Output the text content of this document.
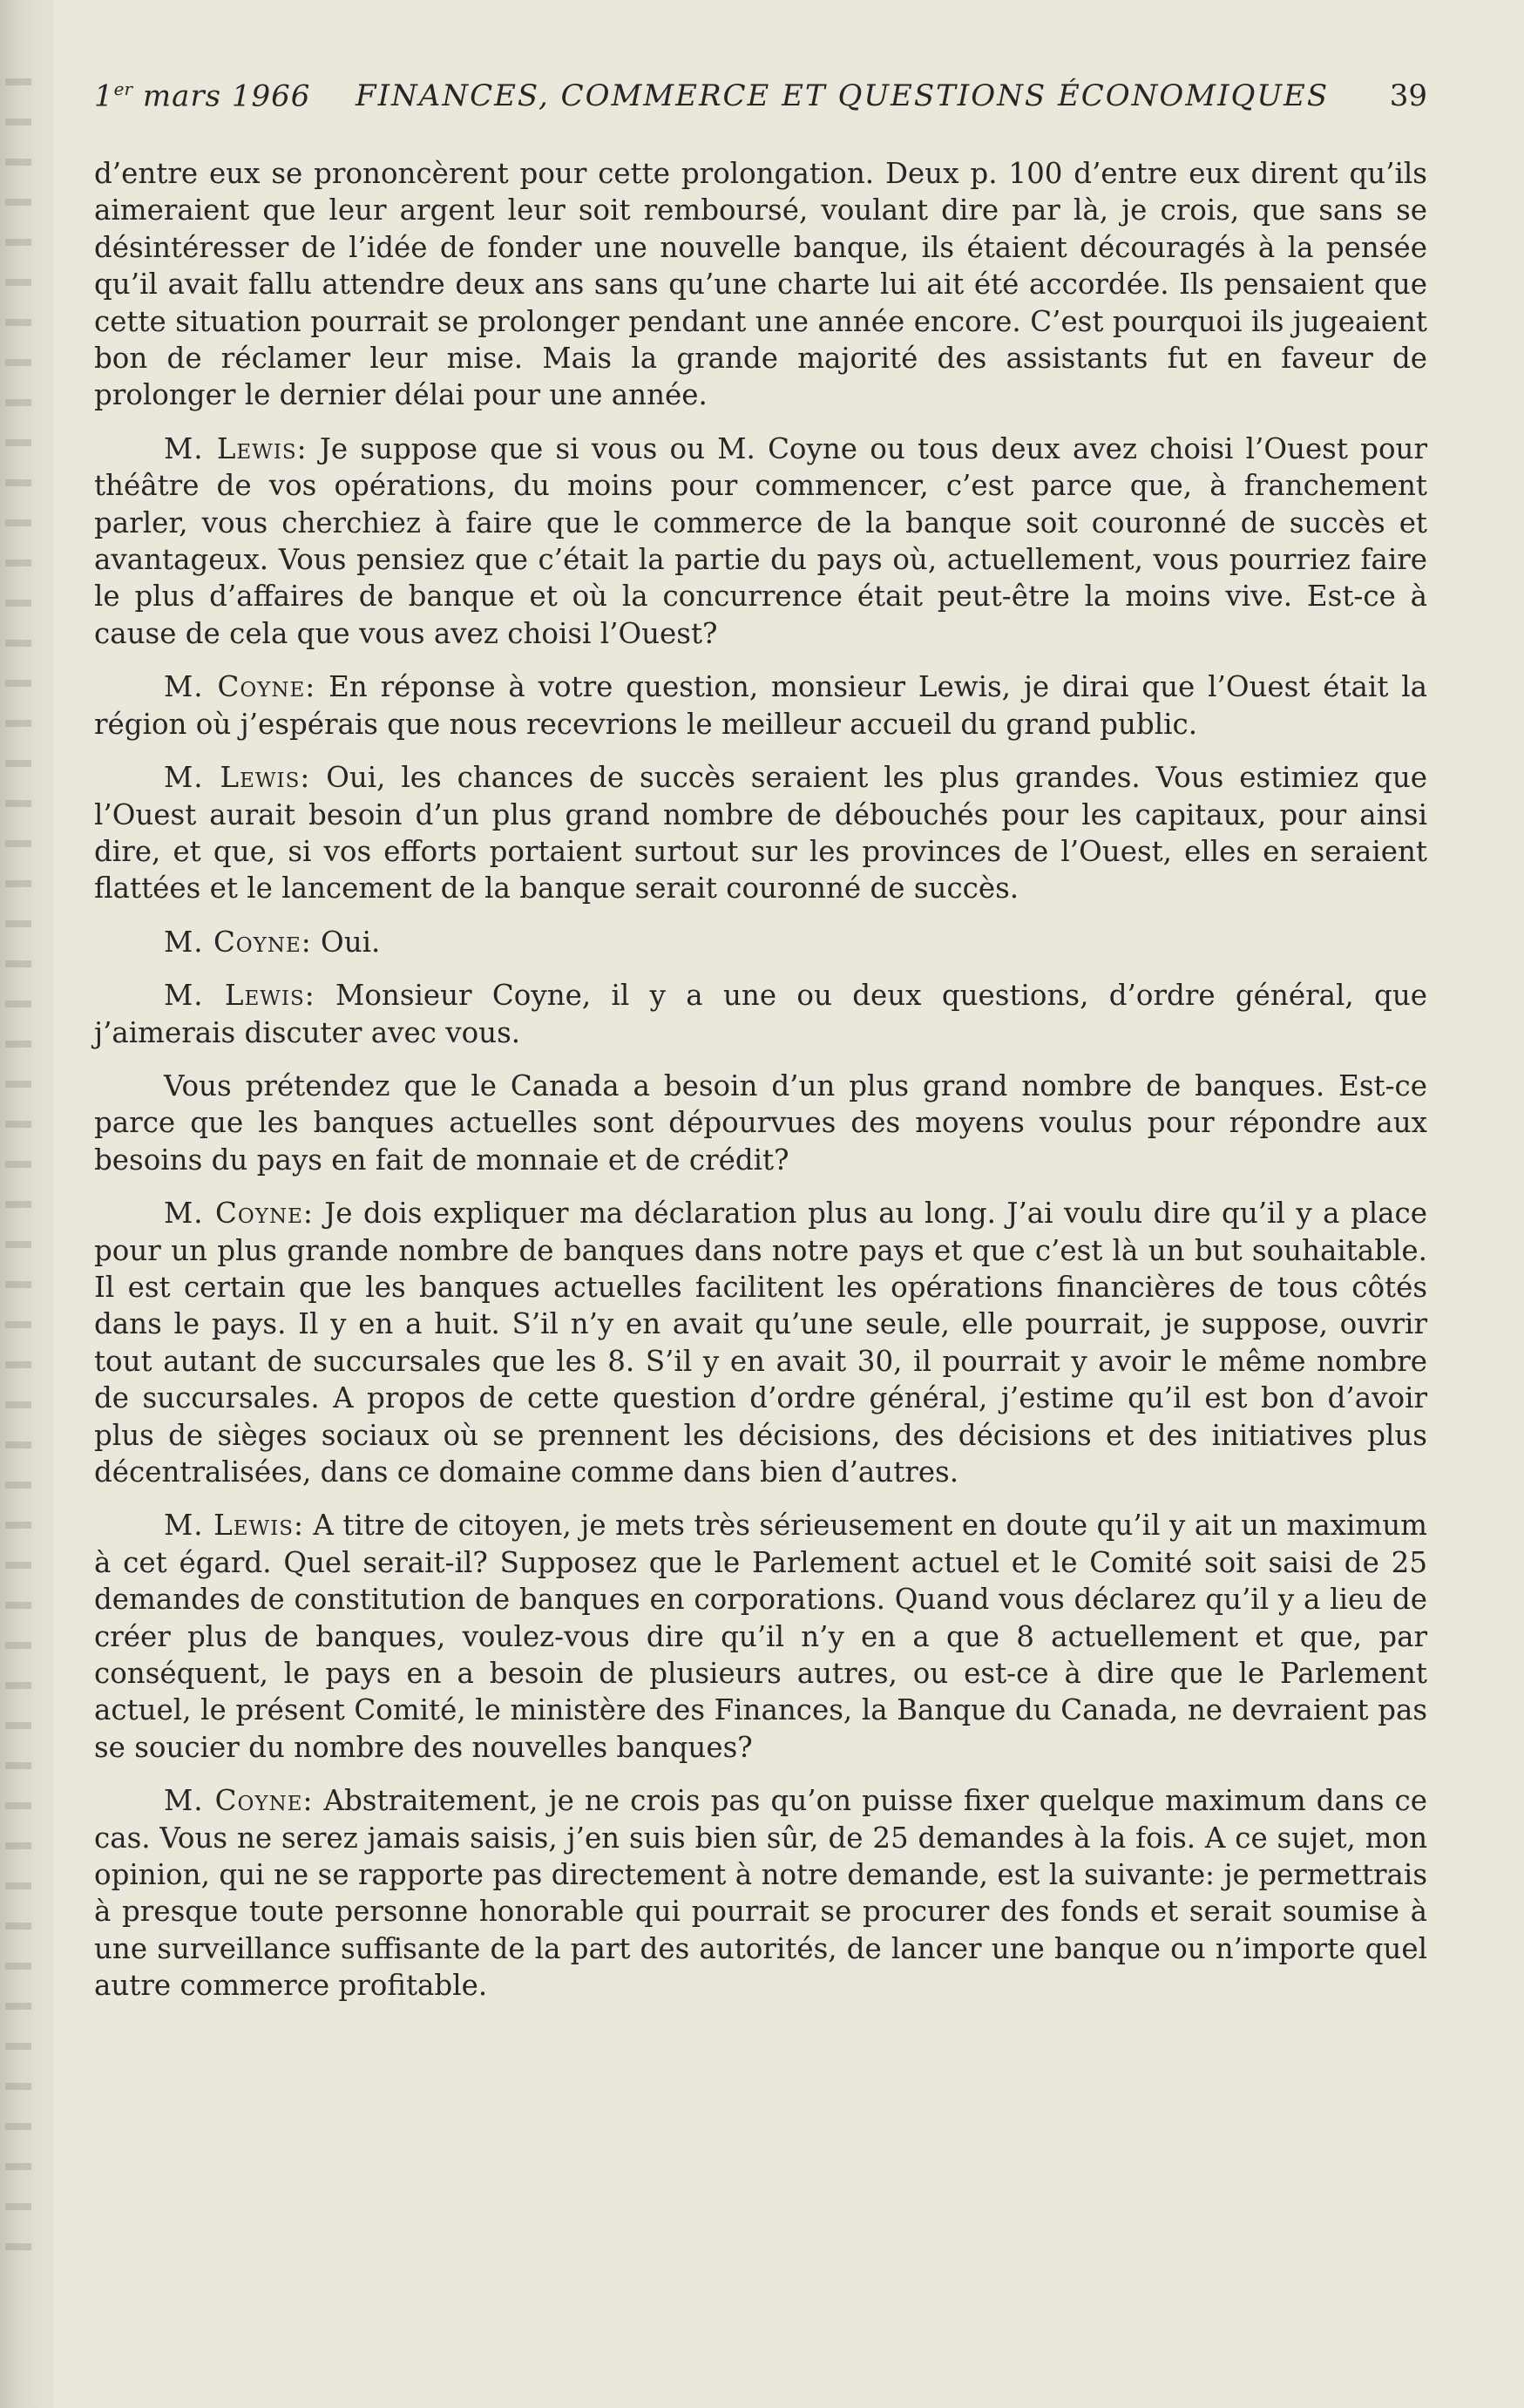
1er mars 1966 FINANCES, COMMERCE ET QUESTIONS ÉCONOMIQUES 39

d’entre eux se prononcèrent pour cette prolongation. Deux p. 100 d’entre eux dirent qu’ils aimeraient que leur argent leur soit remboursé, voulant dire par là, je crois, que sans se désintéresser de l’idée de fonder une nouvelle banque, ils étaient découragés à la pensée qu’il avait fallu attendre deux ans sans qu’une charte lui ait été accordée. Ils pensaient que cette situation pourrait se prolonger pendant une année encore. C’est pourquoi ils jugeaient bon de réclamer leur mise. Mais la grande majorité des assistants fut en faveur de prolonger le dernier délai pour une année.

M. Lewis: Je suppose que si vous ou M. Coyne ou tous deux avez choisi l’Ouest pour théâtre de vos opérations, du moins pour commencer, c’est parce que, à franchement parler, vous cherchiez à faire que le commerce de la banque soit couronné de succès et avantageux. Vous pensiez que c’était la partie du pays où, actuellement, vous pourriez faire le plus d’affaires de banque et où la concurrence était peut-être la moins vive. Est-ce à cause de cela que vous avez choisi l’Ouest?

M. Coyne: En réponse à votre question, monsieur Lewis, je dirai que l’Ouest était la région où j’espérais que nous recevrions le meilleur accueil du grand public.

M. Lewis: Oui, les chances de succès seraient les plus grandes. Vous estimiez que l’Ouest aurait besoin d’un plus grand nombre de débouchés pour les capitaux, pour ainsi dire, et que, si vos efforts portaient surtout sur les provinces de l’Ouest, elles en seraient flattées et le lancement de la banque serait couronné de succès.

M. Coyne: Oui.

M. Lewis: Monsieur Coyne, il y a une ou deux questions, d’ordre général, que j’aimerais discuter avec vous.

Vous prétendez que le Canada a besoin d’un plus grand nombre de banques. Est-ce parce que les banques actuelles sont dépourvues des moyens voulus pour répondre aux besoins du pays en fait de monnaie et de crédit?

M. Coyne: Je dois expliquer ma déclaration plus au long. J’ai voulu dire qu’il y a place pour un plus grande nombre de banques dans notre pays et que c’est là un but souhaitable. Il est certain que les banques actuelles facilitent les opérations financières de tous côtés dans le pays. Il y en a huit. S’il n’y en avait qu’une seule, elle pourrait, je suppose, ouvrir tout autant de succursales que les 8. S’il y en avait 30, il pourrait y avoir le même nombre de succursales. A propos de cette question d’ordre général, j’estime qu’il est bon d’avoir plus de sièges sociaux où se prennent les décisions, des décisions et des initiatives plus décentralisées, dans ce domaine comme dans bien d’autres.

M. Lewis: A titre de citoyen, je mets très sérieusement en doute qu’il y ait un maximum à cet égard. Quel serait-il? Supposez que le Parlement actuel et le Comité soit saisi de 25 demandes de constitution de banques en corporations. Quand vous déclarez qu’il y a lieu de créer plus de banques, voulez-vous dire qu’il n’y en a que 8 actuellement et que, par conséquent, le pays en a besoin de plusieurs autres, ou est-ce à dire que le Parlement actuel, le présent Comité, le ministère des Finances, la Banque du Canada, ne devraient pas se soucier du nombre des nouvelles banques?

M. Coyne: Abstraitement, je ne crois pas qu’on puisse fixer quelque maximum dans ce cas. Vous ne serez jamais saisis, j’en suis bien sûr, de 25 demandes à la fois. A ce sujet, mon opinion, qui ne se rapporte pas directement à notre demande, est la suivante: je permettrais à presque toute personne honorable qui pourrait se procurer des fonds et serait soumise à une surveillance suffisante de la part des autorités, de lancer une banque ou n’importe quel autre commerce profitable.
